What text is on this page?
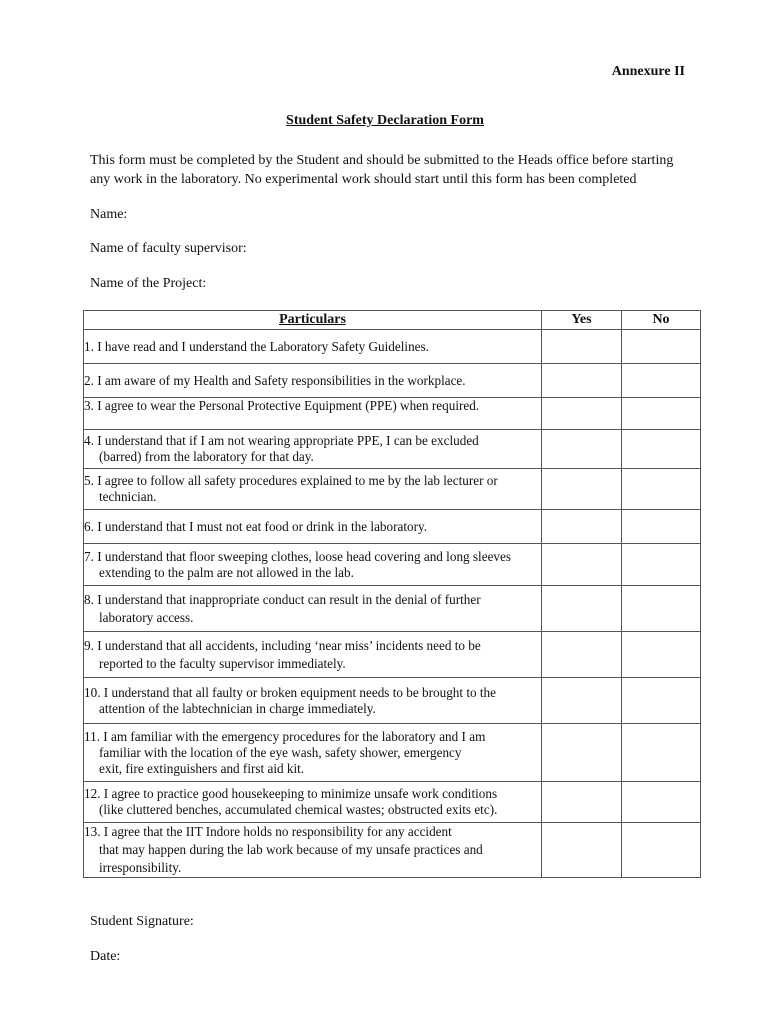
Annexure II
Student Safety Declaration Form
This form must be completed by the Student and should be submitted to the Heads office before starting
any work in the laboratory. No experimental work should start until this form has been completed
Name:
Name of faculty supervisor:
Name of the Project:
Particulars	Yes	No

1. I have read and I understand the Laboratory Safety Guidelines.		

2. I am aware of my Health and Safety responsibilities in the workplace.		

3. I agree to wear the Personal Protective Equipment (PPE) when required.		

4. I understand that if I am not wearing appropriate PPE, I can be excluded
(barred) from the laboratory for that day.		

5. I agree to follow all safety procedures explained to me by the lab lecturer or
technician.		

6. I understand that I must not eat food or drink in the laboratory.		

7. I understand that floor sweeping clothes, loose head covering and long sleeves
extending to the palm are not allowed in the lab.		

8. I understand that inappropriate conduct can result in the denial of further
laboratory access.		

9. I understand that all accidents, including ‘near miss’ incidents need to be
reported to the faculty supervisor immediately.		

10. I understand that all faulty or broken equipment needs to be brought to the
attention of the labtechnician in charge immediately.		

11. I am familiar with the emergency procedures for the laboratory and I am
familiar with the location of the eye wash, safety shower, emergency
exit, fire extinguishers and first aid kit.		

12. I agree to practice good housekeeping to minimize unsafe work conditions
(like cluttered benches, accumulated chemical wastes; obstructed exits etc).		

13. I agree that the IIT Indore holds no responsibility for any accident
that may happen during the lab work because of my unsafe practices and
irresponsibility.		

Student Signature:
Date:
